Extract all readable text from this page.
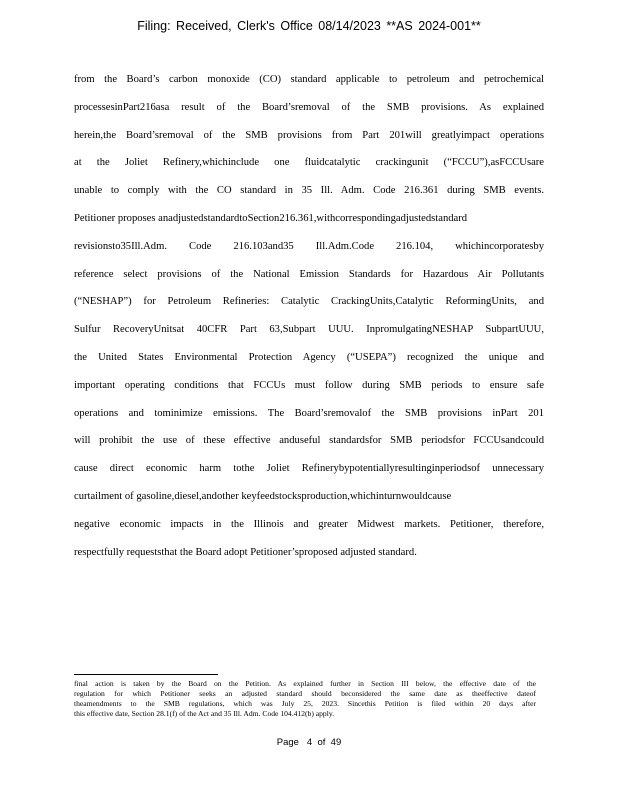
Filing: Received, Clerk's Office 08/14/2023 **AS 2024-001**
from the Board’s carbon monoxide (CO) standard applicable to petroleum and petrochemical
processesinPart216asa result of the Board’sremoval of the SMB provisions. As explained
herein,the Board’sremoval of the SMB provisions from Part 201will greatlyimpact operations
at the Joliet Refinery,whichinclude one fluidcatalytic crackingunit (“FCCU”),asFCCUsare
unable to comply with the CO standard in 35 Ill. Adm. Code 216.361 during SMB events.
Petitioner proposes anadjustedstandardtoSection216.361,withcorrespondingadjustedstandard
revisionsto35Ill.Adm. Code 216.103and35 Ill.Adm.Code 216.104, whichincorporatesby
reference select provisions of the National Emission Standards for Hazardous Air Pollutants
(“NESHAP”) for Petroleum Refineries: Catalytic CrackingUnits,Catalytic ReformingUnits, and
Sulfur RecoveryUnitsat 40CFR Part 63,Subpart UUU. InpromulgatingNESHAP SubpartUUU,
the United States Environmental Protection Agency (“USEPA”) recognized the unique and
important operating conditions that FCCUs must follow during SMB periods to ensure safe
operations and tominimize emissions. The Board’sremovalof the SMB provisions inPart 201
will prohibit the use of these effective anduseful standardsfor SMB periodsfor FCCUsandcould
cause direct economic harm tothe Joliet Refinerybypotentiallyresultinginperiodsof unnecessary
curtailment of gasoline,diesel,andother keyfeedstocksproduction,whichinturnwouldcause
negative economic impacts in the Illinois and greater Midwest markets. Petitioner, therefore,
respectfully requeststhat the Board adopt Petitioner’sproposed adjusted standard.
final action is taken by the Board on the Petition. As explained further in Section III below, the effective date of the
regulation for which Petitioner seeks an adjusted standard should beconsidered the same date as theeffective dateof
theamendments to the SMB regulations, which was July 25, 2023. Sincethis Petition is filed within 20 days after
this effective date, Section 28.1(f) of the Act and 35 Ill. Adm. Code 104.412(b) apply.
Page 4 of 49
